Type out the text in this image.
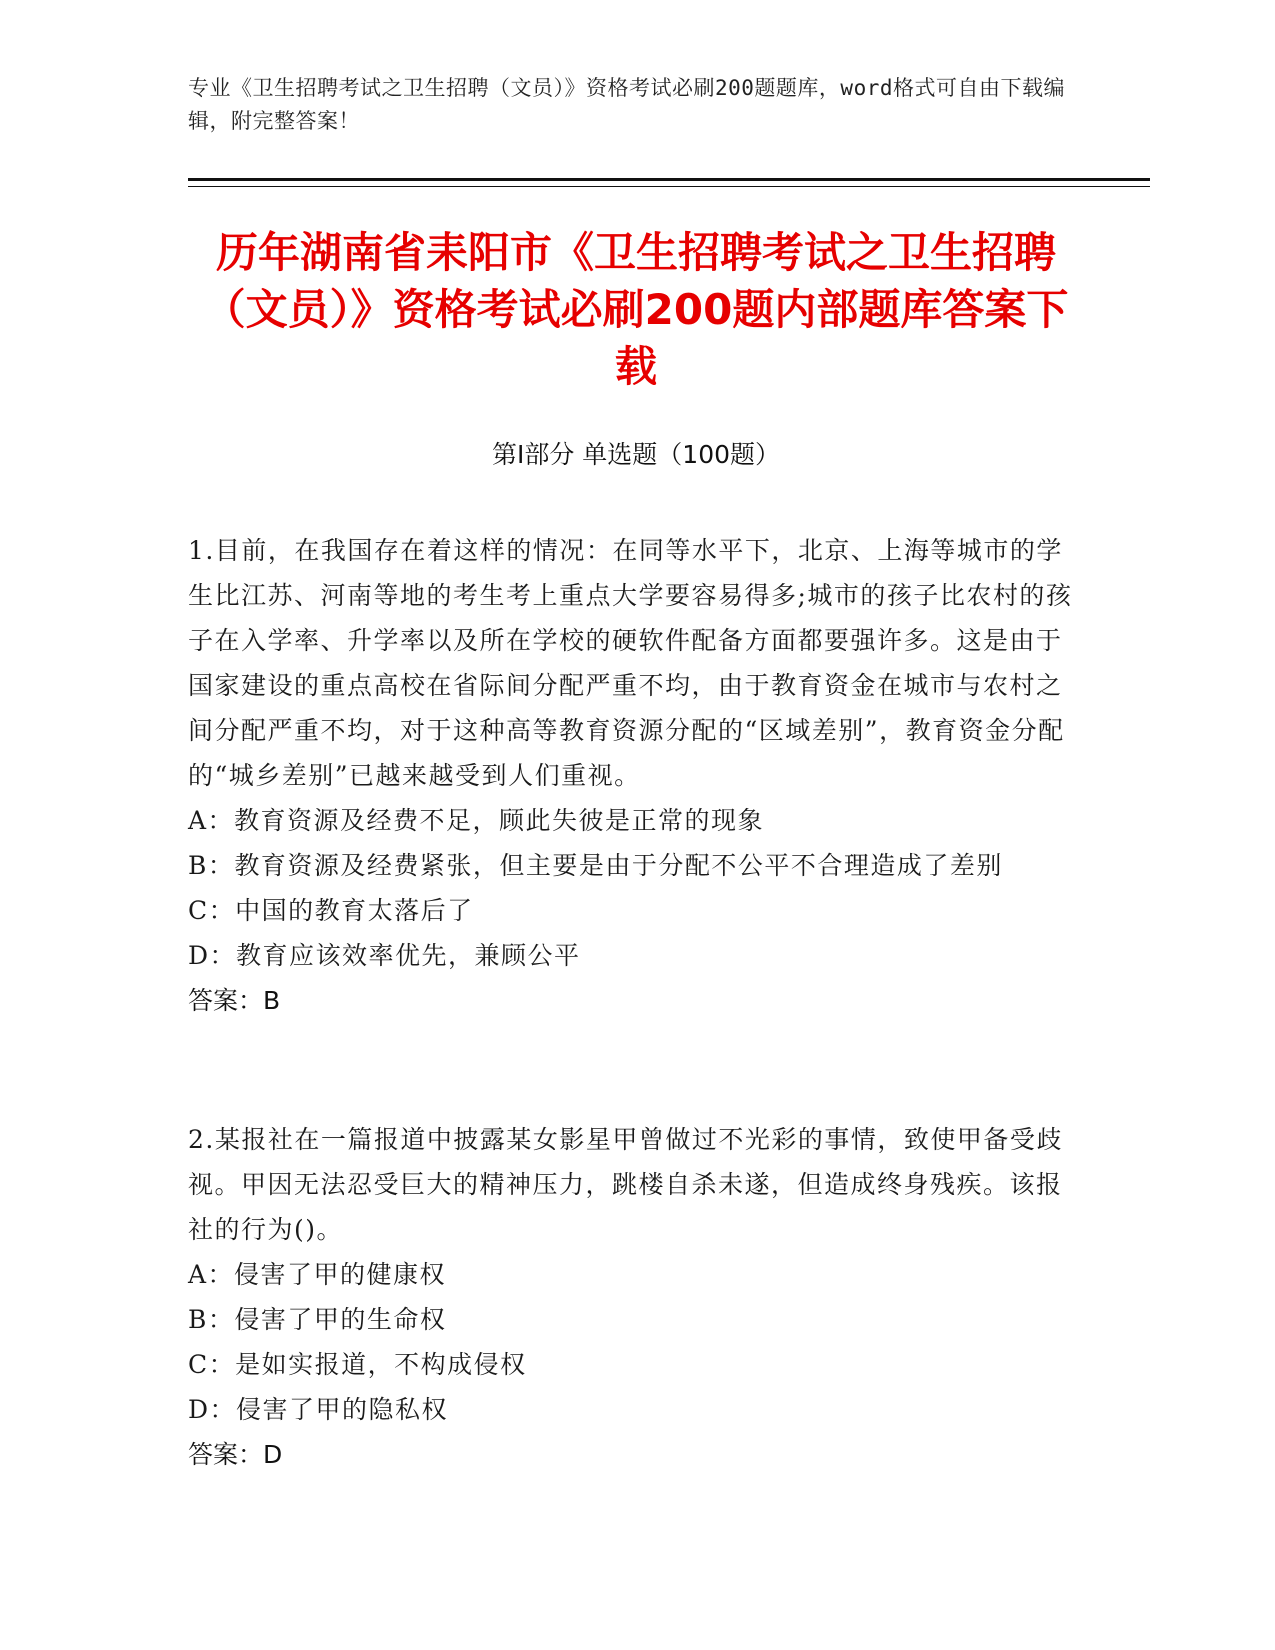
专业《卫生招聘考试之卫生招聘（文员）》资格考试必刷200题题库，word格式可自由下载编辑，附完整答案！
历年湖南省耒阳市《卫生招聘考试之卫生招聘（文员）》资格考试必刷200题内部题库答案下载
第Ⅰ部分 单选题（100题）
1.目前，在我国存在着这样的情况：在同等水平下，北京、上海等城市的学生比江苏、河南等地的考生考上重点大学要容易得多;城市的孩子比农村的孩子在入学率、升学率以及所在学校的硬软件配备方面都要强许多。这是由于国家建设的重点高校在省际间分配严重不均，由于教育资金在城市与农村之间分配严重不均，对于这种高等教育资源分配的“区域差别”，教育资金分配的“城乡差别”已越来越受到人们重视。
A：教育资源及经费不足，顾此失彼是正常的现象
B：教育资源及经费紧张，但主要是由于分配不公平不合理造成了差别
C：中国的教育太落后了
D：教育应该效率优先，兼顾公平
答案：B
2.某报社在一篇报道中披露某女影星甲曾做过不光彩的事情，致使甲备受歧视。甲因无法忍受巨大的精神压力，跳楼自杀未遂，但造成终身残疾。该报社的行为()。
A：侵害了甲的健康权
B：侵害了甲的生命权
C：是如实报道，不构成侵权
D：侵害了甲的隐私权
答案：D
